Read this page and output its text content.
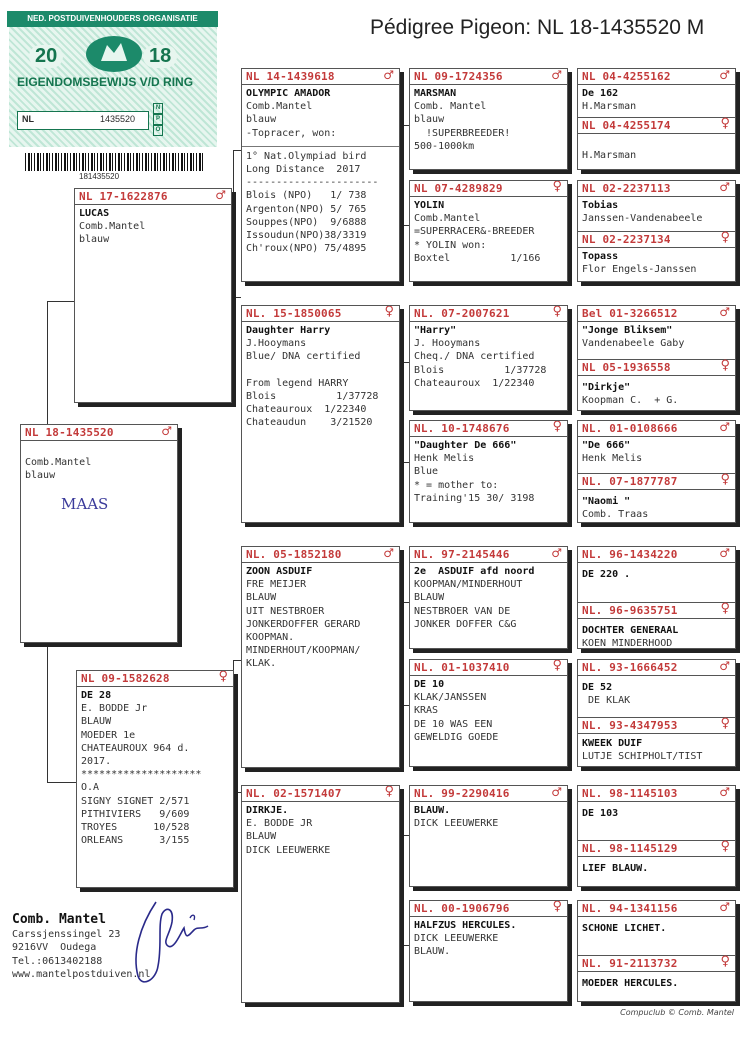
Pédigree Pigeon: NL 18-1435520 M
NED. POSTDUIVENHOUDERS ORGANISATIE
20	18
EIGENDOMSBEWIJS V/D RING
NL	1435520
N
P
O
181435520
NL 18-1435520	♂

Comb.Mantel
blauw
MAAS
NL 17-1622876	♂
LUCAS
Comb.Mantel
blauw
NL 09-1582628	♀
DE 28
E. BODDE Jr
BLAUW
MOEDER 1e
CHATEAUROUX 964 d.
2017.
********************
O.A
SIGNY SIGNET 2/571
PITHIVIERS   9/609
TROYES      10/528
ORLEANS      3/155
NL 14-1439618	♂
OLYMPIC AMADOR
Comb.Mantel
blauw
-Topracer, won:
1° Nat.Olympiad bird
Long Distance  2017
----------------------
Blois (NPO)   1/ 738
Argenton(NPO) 5/ 765
Souppes(NPO)  9/6888
Issoudun(NPO)38/3319
Ch'roux(NPO) 75/4895
NL. 15-1850065	♀
Daughter Harry
J.Hooymans
Blue/ DNA certified

From legend HARRY
Blois          1/37728
Chateauroux  1/22340
Chateaudun    3/21520
NL. 05-1852180	♂
ZOON ASDUIF
FRE MEIJER
BLAUW
UIT NESTBROER
JONKERDOFFER GERARD
KOOPMAN.
MINDERHOUT/KOOPMAN/
KLAK.
NL. 02-1571407	♀
DIRKJE.
E. BODDE JR
BLAUW
DICK LEEUWERKE
NL 09-1724356	♂
MARSMAN
Comb. Mantel
blauw
!SUPERBREEDER!
500-1000km
NL 07-4289829	♀
YOLIN
Comb.Mantel
=SUPERRACER&-BREEDER
* YOLIN won:
Boxtel          1/166
NL. 07-2007621	♀
"Harry"
J. Hooymans
Cheq./ DNA certified
Blois          1/37728
Chateauroux  1/22340
NL. 10-1748676	♀
"Daughter De 666"
Henk Melis
Blue
* = mother to:
Training'15 30/ 3198
NL. 97-2145446	♂
2e  ASDUIF afd noord
KOOPMAN/MINDERHOUT
BLAUW
NESTBROER VAN DE
JONKER DOFFER C&G
NL. 01-1037410	♀
DE 10
KLAK/JANSSEN
KRAS
DE 10 WAS EEN
GEWELDIG GOEDE
NL. 99-2290416	♂
BLAUW.
DICK LEEUWERKE
NL. 00-1906796	♀
HALFZUS HERCULES.
DICK LEEUWERKE
BLAUW.
NL 04-4255162	♂
De 162
H.Marsman
NL 04-4255174	♀

H.Marsman
NL 02-2237113	♂
Tobias
Janssen-Vandenabeele
NL 02-2237134	♀
Topass
Flor Engels-Janssen
Bel 01-3266512	♂
"Jonge Bliksem"
Vandenabeele Gaby
NL 05-1936558	♀
"Dirkje"
Koopman C.  + G.
NL. 01-0108666	♂
"De 666"
Henk Melis
NL. 07-1877787	♀
"Naomi "
Comb. Traas
NL. 96-1434220	♂
DE 220 .
NL. 96-9635751	♀
DOCHTER GENERAAL
KOEN MINDERHOOD
NL. 93-1666452	♂
DE 52
DE KLAK
NL. 93-4347953	♀
KWEEK DUIF
LUTJE SCHIPHOLT/TIST
NL. 98-1145103	♂
DE 103
NL. 98-1145129	♀
LIEF BLAUW.
NL. 94-1341156	♂
SCHONE LICHET.
NL. 91-2113732	♀
MOEDER HERCULES.
Comb. Mantel
Carssjenssingel 23
9216VV  Oudega
Tel.:0613402188
www.mantelpostduiven.nl
Compuclub © Comb. Mantel
